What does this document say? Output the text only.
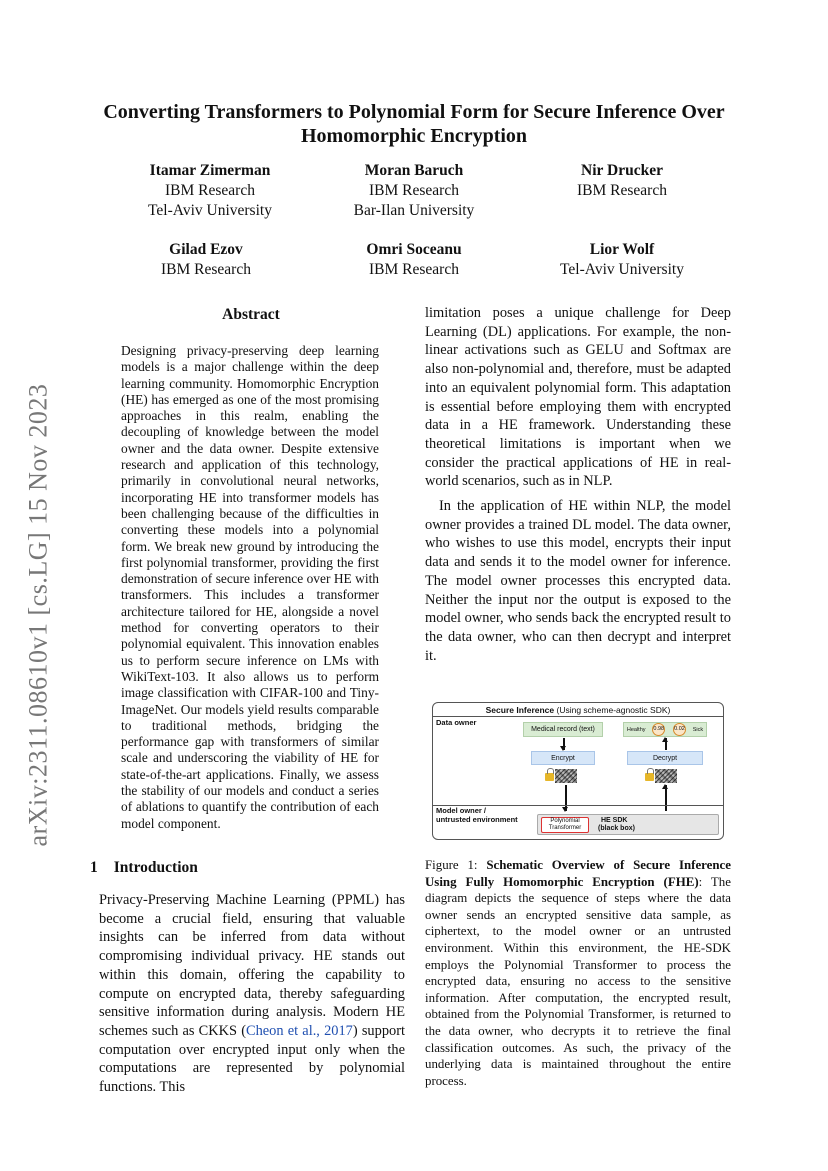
arXiv:2311.08610v1 [cs.LG] 15 Nov 2023
Converting Transformers to Polynomial Form for Secure Inference Over Homomorphic Encryption
Itamar Zimerman
IBM Research
Tel-Aviv University
Moran Baruch
IBM Research
Bar-Ilan University
Nir Drucker
IBM Research
Gilad Ezov
IBM Research
Omri Soceanu
IBM Research
Lior Wolf
Tel-Aviv University
Abstract
Designing privacy-preserving deep learning models is a major challenge within the deep learning community. Homomorphic Encryption (HE) has emerged as one of the most promising approaches in this realm, enabling the decoupling of knowledge between the model owner and the data owner. Despite extensive research and application of this technology, primarily in convolutional neural networks, incorporating HE into transformer models has been challenging because of the difficulties in converting these models into a polynomial form. We break new ground by introducing the first polynomial transformer, providing the first demonstration of secure inference over HE with transformers. This includes a transformer architecture tailored for HE, alongside a novel method for converting operators to their polynomial equivalent. This innovation enables us to perform secure inference on LMs with WikiText-103. It also allows us to perform image classification with CIFAR-100 and Tiny-ImageNet. Our models yield results comparable to traditional methods, bridging the performance gap with transformers of similar scale and underscoring the viability of HE for state-of-the-art applications. Finally, we assess the stability of our models and conduct a series of ablations to quantify the contribution of each model component.
1 Introduction
Privacy-Preserving Machine Learning (PPML) has become a crucial field, ensuring that valuable insights can be inferred from data without compromising individual privacy. HE stands out within this domain, offering the capability to compute on encrypted data, thereby safeguarding sensitive information during analysis. Modern HE schemes such as CKKS (Cheon et al., 2017) support computation over encrypted input only when the computations are represented by polynomial functions. This

limitation poses a unique challenge for Deep Learning (DL) applications. For example, the non-linear activations such as GELU and Softmax are also non-polynomial and, therefore, must be adapted into an equivalent polynomial form. This adaptation is essential before employing them with encrypted data in a HE framework. Understanding these theoretical limitations is important when we consider the practical applications of HE in real-world scenarios, such as in NLP.

In the application of HE within NLP, the model owner provides a trained DL model. The data owner, who wishes to use this model, encrypts their input data and sends it to the model owner for inference. The model owner processes this encrypted data. Neither the input nor the output is exposed to the model owner, who sends back the encrypted result to the data owner, who can then decrypt and interpret it.

Secure Inference (Using scheme-agnostic SDK)
Data owner
Medical record (text)	Healthy 0.98 0.02 Sick
Encrypt	Decrypt
Model owner /
untrusted environment	Polynomial
Transformer
HE SDK
(black box)
Figure 1: Schematic Overview of Secure Inference Using Fully Homomorphic Encryption (FHE): The diagram depicts the sequence of steps where the data owner sends an encrypted sensitive data sample, as ciphertext, to the model owner or an untrusted environment. Within this environment, the HE-SDK employs the Polynomial Transformer to process the encrypted data, ensuring no access to the sensitive information. After computation, the encrypted result, obtained from the Polynomial Transformer, is returned to the data owner, who decrypts it to retrieve the final classification outcomes. As such, the privacy of the underlying data is maintained throughout the entire process.
